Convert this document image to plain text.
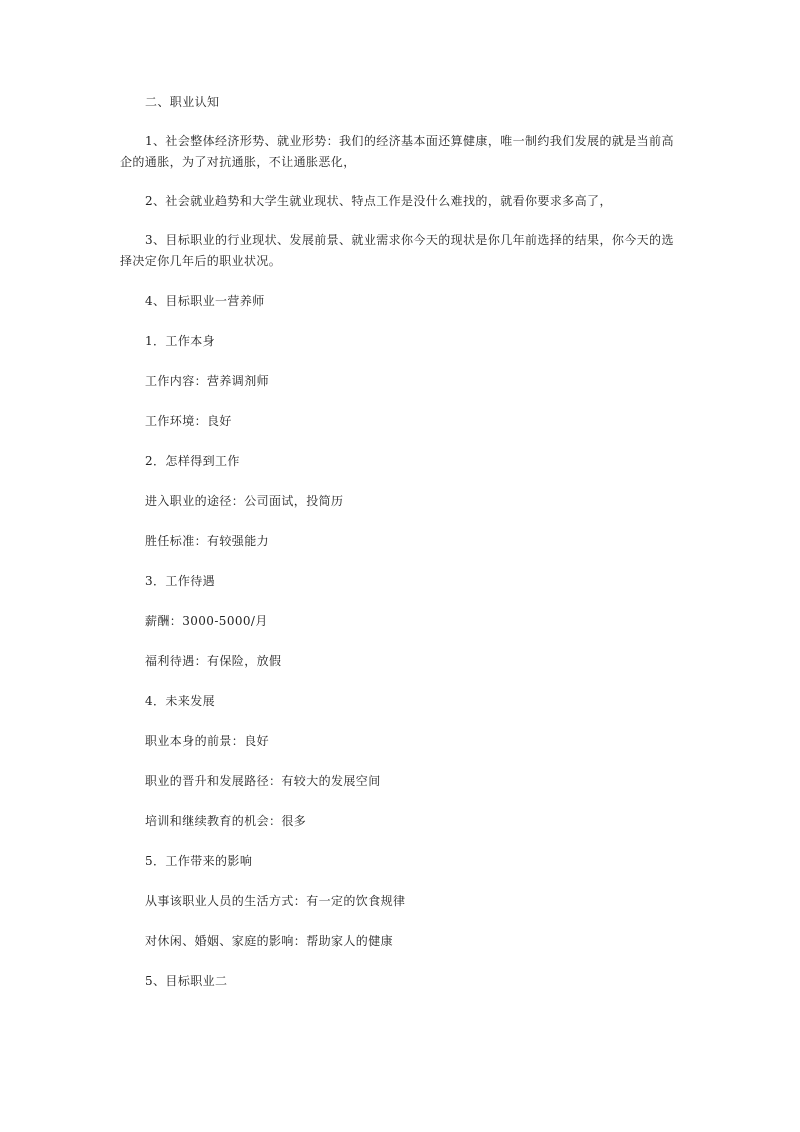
二、职业认知

1、社会整体经济形势、就业形势：我们的经济基本面还算健康，唯一制约我们发展的就是当前高企的通胀，为了对抗通胀，不让通胀恶化，

2、社会就业趋势和大学生就业现状、特点工作是没什么难找的，就看你要求多高了，

3、目标职业的行业现状、发展前景、就业需求你今天的现状是你几年前选择的结果，你今天的选择决定你几年后的职业状况。

4、目标职业一营养师

1．工作本身

工作内容：营养调剂师

工作环境：良好

2．怎样得到工作

进入职业的途径：公司面试，投简历

胜任标准：有较强能力

3．工作待遇

薪酬：3000-5000/月

福利待遇：有保险，放假

4．未来发展

职业本身的前景：良好

职业的晋升和发展路径：有较大的发展空间

培训和继续教育的机会：很多

5．工作带来的影响

从事该职业人员的生活方式：有一定的饮食规律

对休闲、婚姻、家庭的影响：帮助家人的健康

5、目标职业二
